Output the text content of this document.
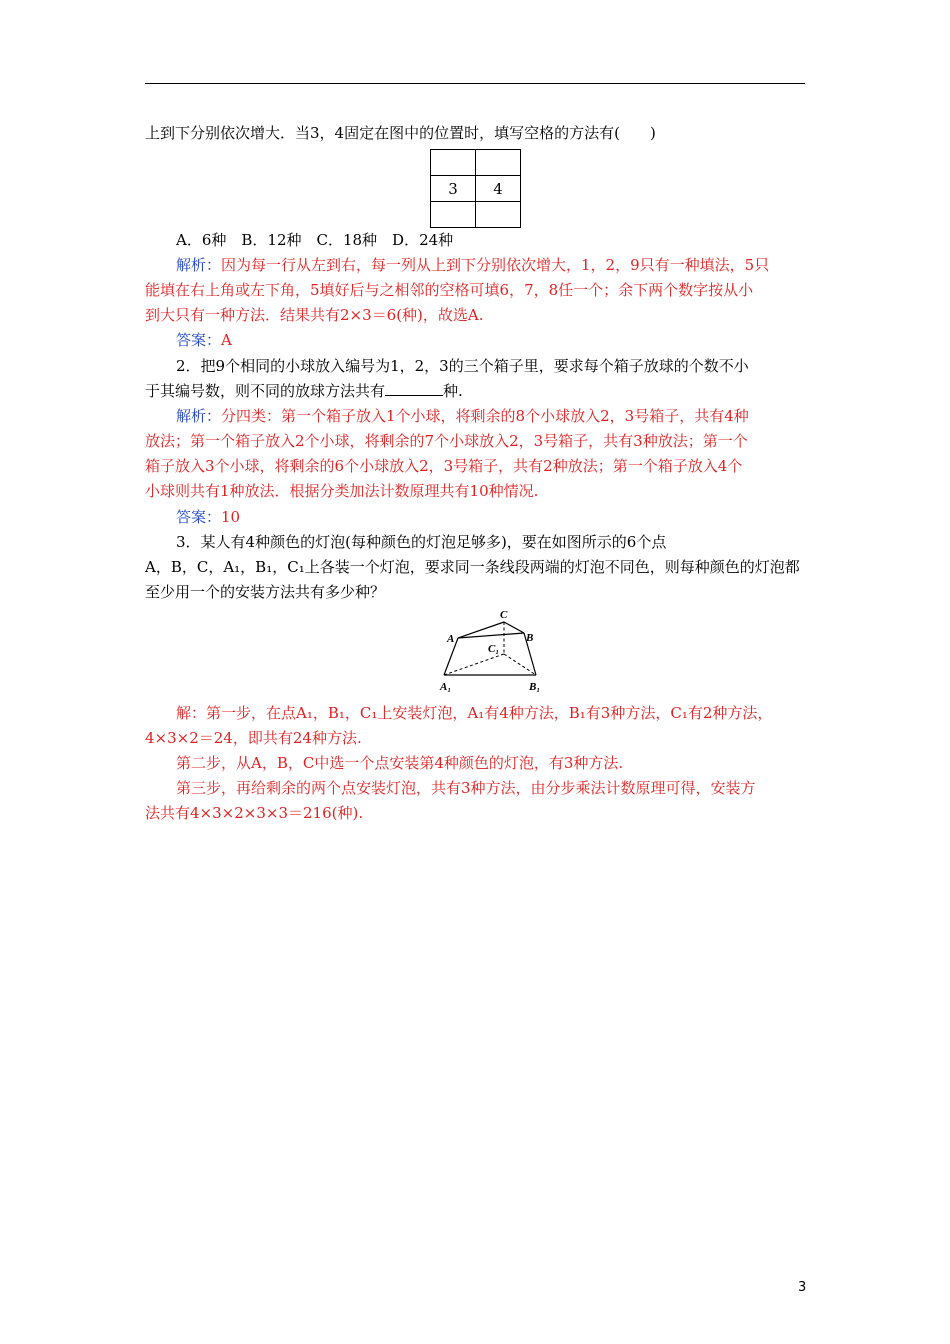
上到下分别依次增大．当3，4固定在图中的位置时，填写空格的方法有(　　)

3	4

A．6种　B．12种　C．18种　D．24种
解析：因为每一行从左到右，每一列从上到下分别依次增大，1，2，9只有一种填法，5只
能填在右上角或左下角，5填好后与之相邻的空格可填6，7，8任一个；余下两个数字按从小
到大只有一种方法．结果共有2×3＝6(种)，故选A.
答案：A
2．把9个相同的小球放入编号为1，2，3的三个箱子里，要求每个箱子放球的个数不小
于其编号数，则不同的放球方法共有	种.
解析：分四类：第一个箱子放入1个小球，将剩余的8个小球放入2，3号箱子，共有4种
放法；第一个箱子放入2个小球，将剩余的7个小球放入2，3号箱子，共有3种放法；第一个
箱子放入3个小球，将剩余的6个小球放入2，3号箱子，共有2种放法；第一个箱子放入4个
小球则共有1种放法．根据分类加法计数原理共有10种情况.
答案：10
3．某人有4种颜色的灯泡(每种颜色的灯泡足够多)，要在如图所示的6个点
A，B，C，A₁，B₁，C₁上各装一个灯泡，要求同一条线段两端的灯泡不同色，则每种颜色的灯泡都
至少用一个的安装方法共有多少种？
C
A	B
C₁
A₁	B₁
解：第一步，在点A₁，B₁，C₁上安装灯泡，A₁有4种方法，B₁有3种方法，C₁有2种方法，
4×3×2＝24，即共有24种方法.
第二步，从A，B，C中选一个点安装第4种颜色的灯泡，有3种方法.
第三步，再给剩余的两个点安装灯泡，共有3种方法，由分步乘法计数原理可得，安装方
法共有4×3×2×3×3＝216(种).
3
